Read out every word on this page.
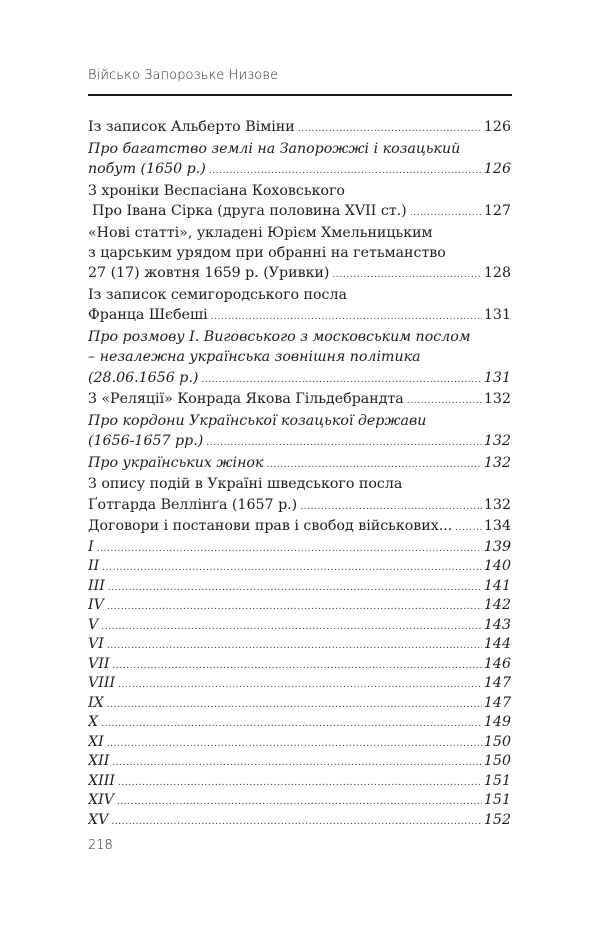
Військо Запорозьке Низове
Із записок Альберто Віміни .....	126
Про багатство землі на Запорожжі і козацький
побут (1650 р.) .....	126
З хроніки Веспасіана Коховського
Про Івана Сірка (друга половина XVII ст.) .....	127
«Нові статті», укладені Юрієм Хмельницьким
з царським урядом при обранні на гетьманство
27 (17) жовтня 1659 р. (Уривки) .....	128
Із записок семигородського посла
Франца Шєбеші .....	131
Про розмову І. Виговського з московським послом
– незалежна українська зовнішня політика
(28.06.1656 р.) .....	131
З «Реляції» Конрада Якова Гільдебрандта .....	132
Про кордони Української козацької держави
(1656-1657 рр.) .....	132
Про українських жінок .....	132
З опису подій в Україні шведського посла
Ґотгарда Веллінґа (1657 р.) .....	132
Договори і постанови прав і свобод військових... ..... 134
I .....	139
II .....	140
III .....	141
IV .....	142
V .....	143
VI .....	144
VII .....	146
VIII .....	147
IX .....	147
X .....	149
XI .....	150
XII .....	150
XIII .....	151
XIV .....	151
XV .....	152
218
